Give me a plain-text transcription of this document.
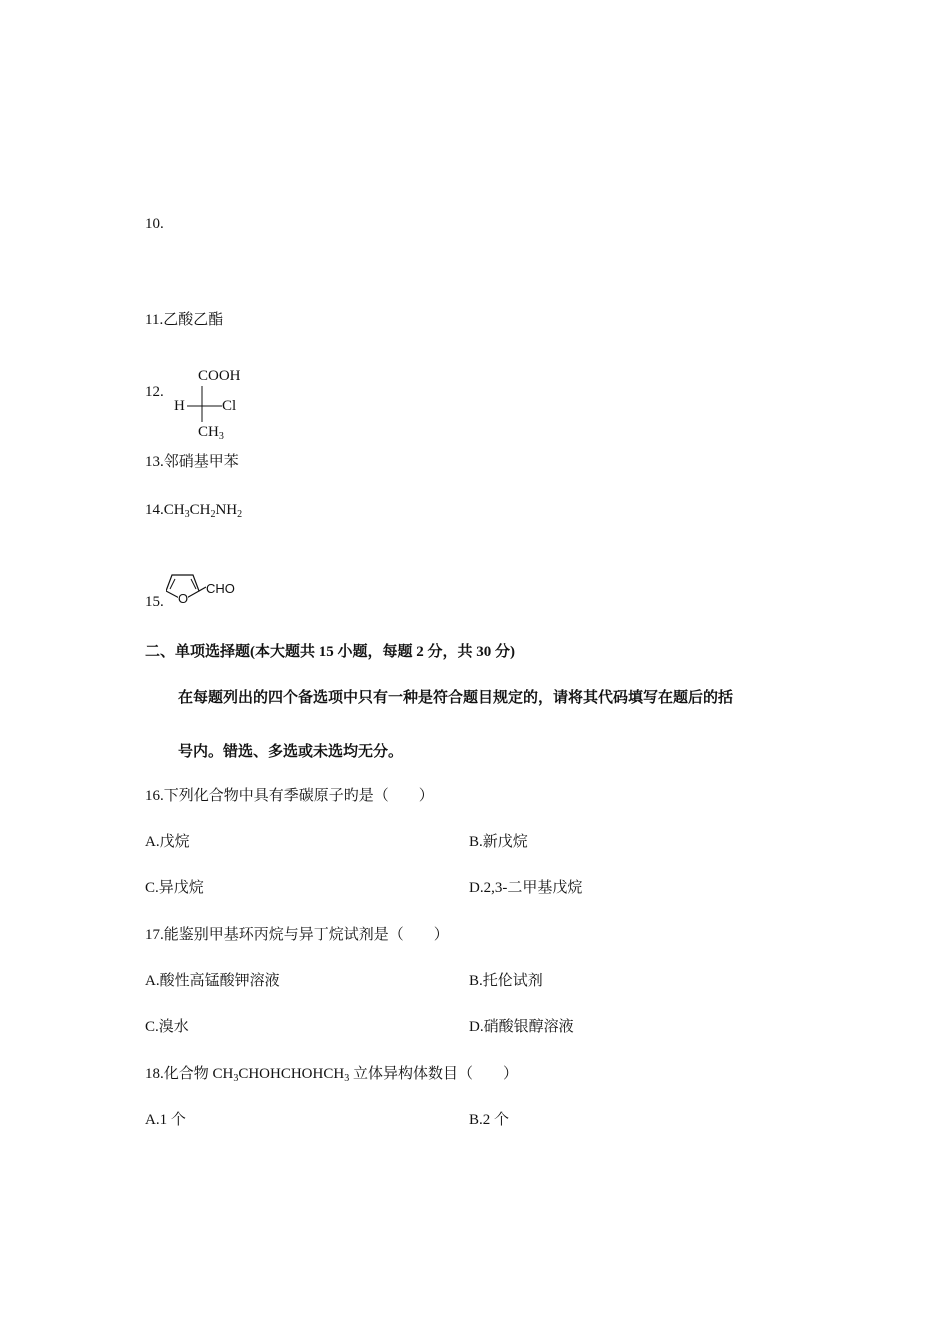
10.
11.乙酸乙酯
12.
COOH
H Cl
$CH_3$
13.邻硝基甲苯
$14.CH_3CH_2NH_2$
15. O
CHO
二、单项选择题(本大题共 15 小题，每题 2 分，共 30 分)
在每题列出的四个备选项中只有一种是符合题目规定的，请将其代码填写在题后的括
号内。错选、多选或未选均无分。
16.下列化合物中具有季碳原子旳是（　　）
A.戊烷	B.新戊烷
C.异戊烷	D.2,3-二甲基戊烷
17.能鉴别甲基环丙烷与异丁烷试剂是（　　）
A.酸性高锰酸钾溶液	B.托伦试剂
C.溴水	D.硝酸银醇溶液
18.化合物 $CH_3CHOHCHOHCH_3$ 立体异构体数目（　　）
A.1 个	B.2 个
